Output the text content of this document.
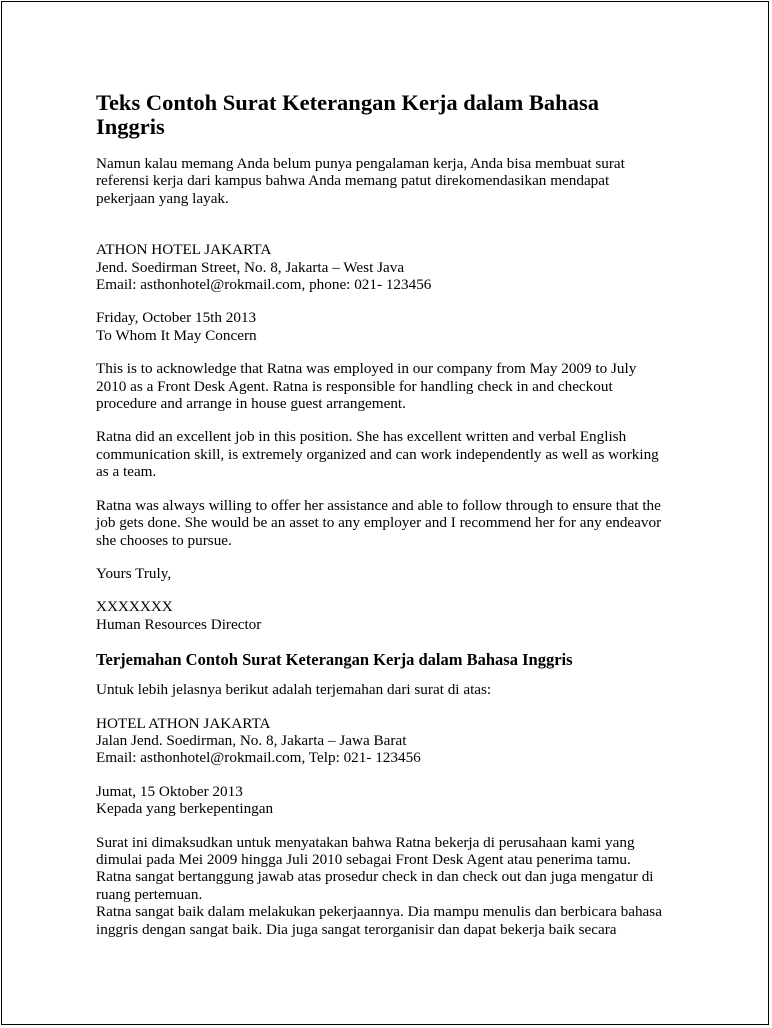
Teks Contoh Surat Keterangan Kerja dalam Bahasa
Inggris

Namun kalau memang Anda belum punya pengalaman kerja, Anda bisa membuat surat
referensi kerja dari kampus bahwa Anda memang patut direkomendasikan mendapat
pekerjaan yang layak.

ATHON HOTEL JAKARTA

Jend. Soedirman Street, No. 8, Jakarta – West Java

Email: asthonhotel@rokmail.com, phone: 021- 123456

Friday, October 15th 2013

To Whom It May Concern

This is to acknowledge that Ratna was employed in our company from May 2009 to July
2010 as a Front Desk Agent. Ratna is responsible for handling check in and checkout
procedure and arrange in house guest arrangement.

Ratna did an excellent job in this position. She has excellent written and verbal English
communication skill, is extremely organized and can work independently as well as working
as a team.

Ratna was always willing to offer her assistance and able to follow through to ensure that the
job gets done. She would be an asset to any employer and I recommend her for any endeavor
she chooses to pursue.

Yours Truly,

XXXXXXX

Human Resources Director

Terjemahan Contoh Surat Keterangan Kerja dalam Bahasa Inggris

Untuk lebih jelasnya berikut adalah terjemahan dari surat di atas:

HOTEL ATHON JAKARTA

Jalan Jend. Soedirman, No. 8, Jakarta – Jawa Barat

Email: asthonhotel@rokmail.com, Telp: 021- 123456

Jumat, 15 Oktober 2013

Kepada yang berkepentingan

Surat ini dimaksudkan untuk menyatakan bahwa Ratna bekerja di perusahaan kami yang
dimulai pada Mei 2009 hingga Juli 2010 sebagai Front Desk Agent atau penerima tamu.
Ratna sangat bertanggung jawab atas prosedur check in dan check out dan juga mengatur di
ruang pertemuan.

Ratna sangat baik dalam melakukan pekerjaannya. Dia mampu menulis dan berbicara bahasa
inggris dengan sangat baik. Dia juga sangat terorganisir dan dapat bekerja baik secara
